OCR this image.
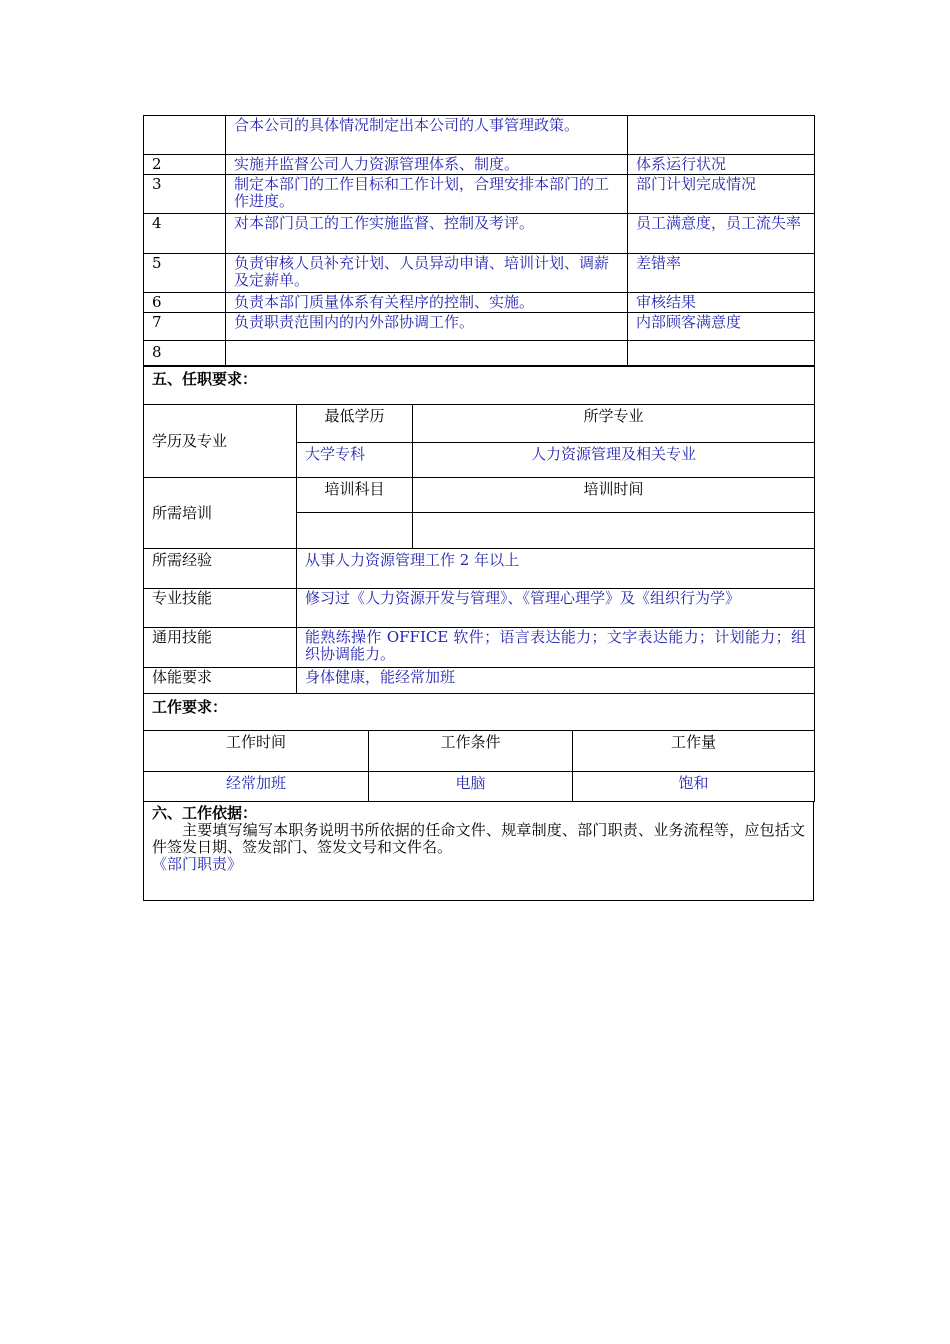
	合本公司的具体情况制定出本公司的人事管理政策。	
2	实施并监督公司人力资源管理体系、制度。	体系运行状况
3	制定本部门的工作目标和工作计划，合理安排本部门的工作进度。	部门计划完成情况
4	对本部门员工的工作实施监督、控制及考评。	员工满意度，员工流失率
5	负责审核人员补充计划、人员异动申请、培训计划、调薪及定薪单。	差错率
6	负责本部门质量体系有关程序的控制、实施。	审核结果
7	负责职责范围内的内外部协调工作。	内部顾客满意度
8		
五、任职要求：		
学历及专业	最低学历	所学专业
	大学专科	人力资源管理及相关专业
所需培训	培训科目	培训时间

所需经验	从事人力资源管理工作 2 年以上
专业技能	修习过《人力资源开发与管理》、《管理心理学》及《组织行为学》
通用技能	能熟练操作 OFFICE 软件；语言表达能力；文字表达能力；计划能力；组织协调能力。
体能要求	身体健康，能经常加班
工作要求：	
工作时间	工作条件	工作量
经常加班	电脑	饱和
六、工作依据：
主要填写编写本职务说明书所依据的任命文件、规章制度、部门职责、业务流程等，应包括文件签发日期、签发部门、签发文号和文件名。
《部门职责》
